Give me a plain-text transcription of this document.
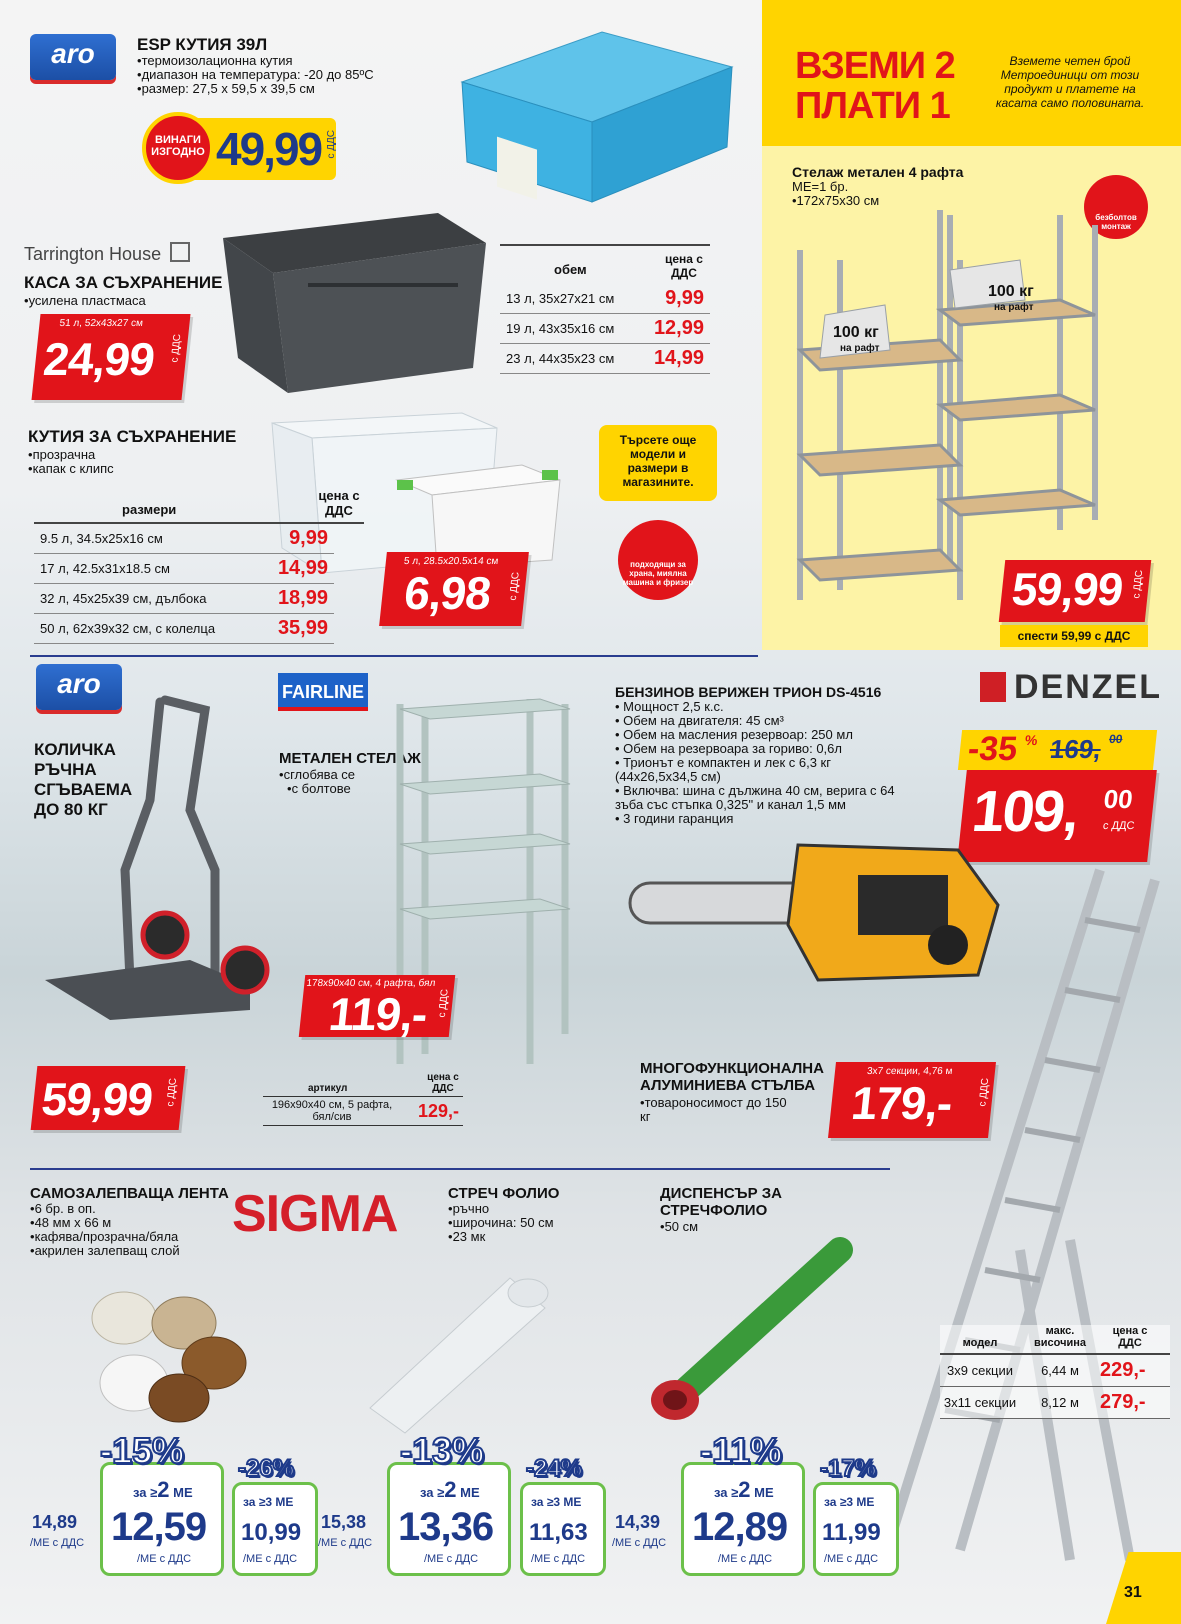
aro	ESP КУТИЯ 39Л
• термоизолационна кутия
• диапазон на температура: -20 до 85ºС
• размер: 27,5 x 59,5 x 39,5 см
ВИНАГИ ИЗГОДНО 49,99 с ДДС
ВЗЕМИ 2
ПЛАТИ 1
Вземете четен брой Метроединици от този продукт и платете на касата само половината.
Стелаж метален 4 рафта
МЕ=1 бр.
•172х75х30 см
безболтов монтаж
100 кг
на рафт
100 кг
на рафт
59,99 с ДДС
спести 59,99 с ДДС
Tarrington House
КАСА ЗА СЪХРАНЕНИЕ
• усилена пластмаса
51 л, 52х43х27 см
24,99 с ДДС
обем
цена с ДДС
13 л, 35х27х21 см	9,99
19 л, 43х35х16 см	12,99
23 л, 44х35х23 см	14,99
КУТИЯ ЗА СЪХРАНЕНИЕ
• прозрачна
• капак с клипс
размери
цена с ДДС
9.5 л, 34.5х25х16 см	9,99
17 л, 42.5х31х18.5 см	14,99
32 л, 45х25х39 см, дълбока	18,99
50 л, 62х39х32 см, с колелца	35,99
5 л, 28.5х20.5х14 см
6,98 с ДДС
Търсете още модели и размери в магазините.
подходящи за храна, миялна машина и фризер
aro
КОЛИЧКА
РЪЧНА
СГЪВАЕМА
ДО 80 КГ
59,99 с ДДС
FAIRLINE
МЕТАЛЕН СТЕЛАЖ
• сглобява се
• с болтове
178х90х40 см, 4 рафта, бял
119,- с ДДС
артикул
цена с ДДС
196х90х40 см, 5 рафта, бял/сив	129,-
БЕНЗИНОВ ВЕРИЖЕН ТРИОН DS-4516
• Мощност 2,5 к.с.
• Обем на двигателя: 45 см³
• Обем на масления резервоар: 250 мл
• Обем на резервоара за гориво: 0,6л
• Трионът е компактен и лек с 6,3 кг (44х26,5х34,5 см)
• Включва: шина с дължина 40 см, верига с 64 зъба със стъпка 0,325" и канал 1,5 мм
• 3 години гаранция
DENZEL
-35 % 169, 00
109, 00
с ДДС
МНОГОФУНКЦИОНАЛНА
АЛУМИНИЕВА СТЪЛБА
• товароносимост до 150 кг
3х7 секции, 4,76 м
179,- с ДДС
модел
макс. височина
цена с ДДС
3х9 секции	6,44 м	229,-
3х11 секции	8,12 м	279,-
САМОЗАЛЕПВАЩА ЛЕНТА
• 6 бр. в оп.
• 48 мм х 66 м
• кафява/прозрачна/бяла
• акрилен залепващ слой
SIGMA	СТРЕЧ ФОЛИО
• ръчно
• широчина: 50 см
• 23 мк
ДИСПЕНСЪР ЗА
СТРЕЧФОЛИО
• 50 см
14,89
/МЕ с ДДС
за ≥2 МЕ
12,59
/МЕ с ДДС
-15%
за ≥3 МЕ
10,99
/МЕ с ДДС
-26%
15,38
/МЕ с ДДС
за ≥2 МЕ
13,36
/МЕ с ДДС
-13%
за ≥3 МЕ
11,63
/МЕ с ДДС
-24%
14,39
/МЕ с ДДС
за ≥2 МЕ
12,89
/МЕ с ДДС
-11%
за ≥3 МЕ
11,99
/МЕ с ДДС
-17%
31
